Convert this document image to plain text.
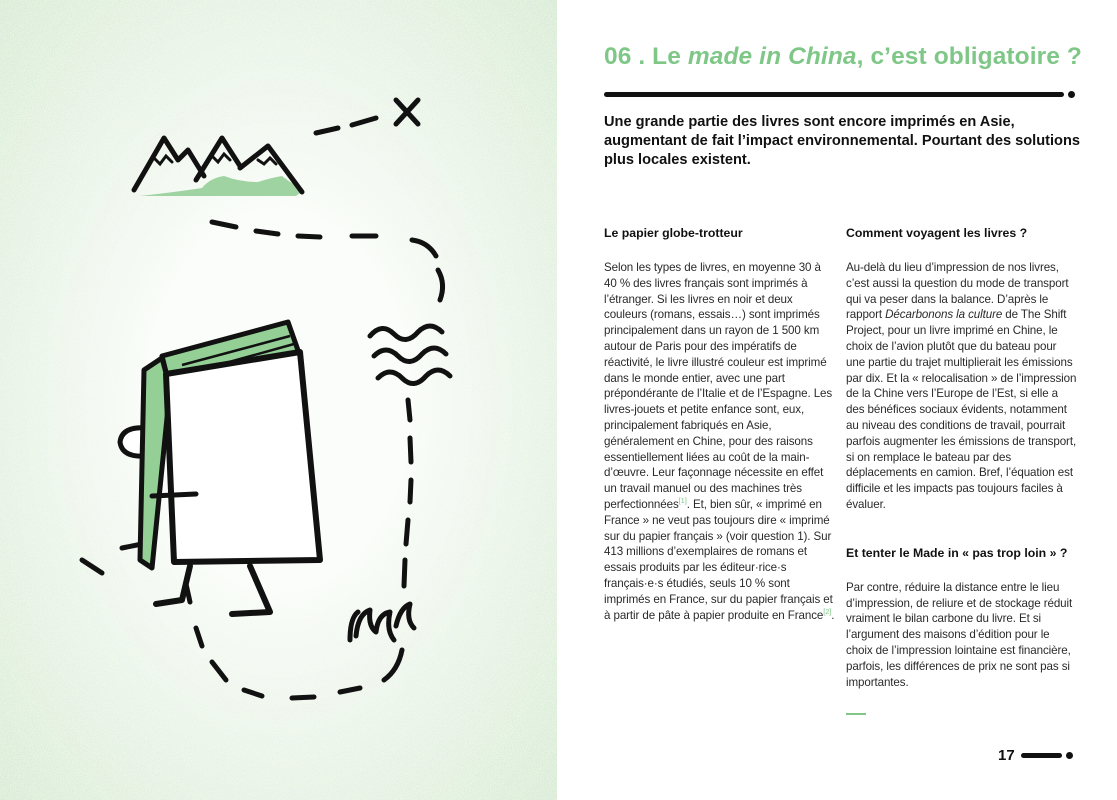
06 . Le made in China, c’est obligatoire ?

Une grande partie des livres sont encore imprimés en Asie, augmentant de fait l’impact environnemental. Pourtant des solutions plus locales existent.

Le papier globe-trotteur

Selon les types de livres, en moyenne 30 à 40 % des livres français sont imprimés à l’étranger. Si les livres en noir et deux couleurs (romans, essais…) sont imprimés principalement dans un rayon de 1 500 km autour de Paris pour des impératifs de réactivité, le livre illustré couleur est imprimé dans le monde entier, avec une part prépondérante de l’Italie et de l’Espagne. Les livres-jouets et petite enfance sont, eux, principalement fabriqués en Asie, généralement en Chine, pour des raisons essentiellement liées au coût de la main-d’œuvre. Leur façonnage nécessite en effet un travail manuel ou des machines très perfectionnées[1]. Et, bien sûr, « imprimé en France » ne veut pas toujours dire « imprimé sur du papier français » (voir question 1). Sur 413 millions d’exemplaires de romans et essais produits par les éditeur·rice·s français·e·s étudiés, seuls 10 % sont imprimés en France, sur du papier français et à partir de pâte à papier produite en France[2].

Comment voyagent les livres ?

Au-delà du lieu d’impression de nos livres, c’est aussi la question du mode de transport qui va peser dans la balance. D’après le rapport Décarbonons la culture de The Shift Project, pour un livre imprimé en Chine, le choix de l’avion plutôt que du bateau pour une partie du trajet multiplierait les émissions par dix. Et la « relocalisation » de l’impression de la Chine vers l’Europe de l’Est, si elle a des bénéfices sociaux évidents, notamment au niveau des conditions de travail, pourrait parfois augmenter les émissions de transport, si on remplace le bateau par des déplacements en camion. Bref, l’équation est difficile et les impacts pas toujours faciles à évaluer.

Et tenter le Made in « pas trop loin » ?

Par contre, réduire la distance entre le lieu d’impression, de reliure et de stockage réduit vraiment le bilan carbone du livre. Et si l’argument des maisons d’édition pour le choix de l’impression lointaine est financière, parfois, les différences de prix ne sont pas si importantes.

17
